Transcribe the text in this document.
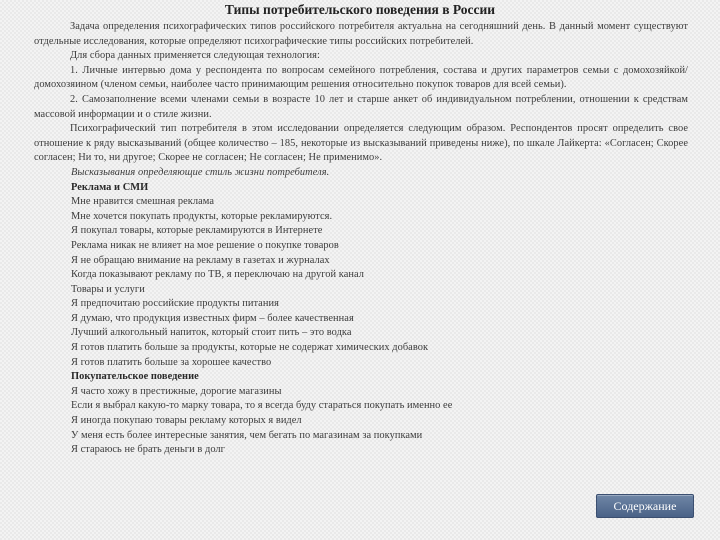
Типы потребительского поведения в России

Задача определения психографических типов российского потребителя актуальна на сегодняшний день. В данный момент существуют отдельные исследования, которые определяют психографические типы российских потребителей.

Для сбора данных применяется следующая технология:

1. Личные интервью дома у респондента по вопросам семейного потребления, состава и других параметров семьи с домохозяйкой/ домохозяином (членом семьи, наиболее часто принимающим решения относительно покупок товаров для всей семьи).

2. Самозаполнение всеми членами семьи в возрасте 10 лет и старше анкет об индивидуальном потреблении, отношении к средствам массовой информации и о стиле жизни.

Психографический тип потребителя в этом исследовании определяется следующим образом. Респондентов просят определить свое отношение к ряду высказываний (общее количество – 185, некоторые из высказываний приведены ниже), по шкале Лайкерта: «Согласен; Скорее согласен; Ни то, ни другое; Скорее не согласен; Не согласен; Не применимо».

Высказывания определяющие стиль жизни потребителя.
Реклама и СМИ
Мне нравится смешная реклама
Мне хочется покупать продукты, которые рекламируются.
Я покупал товары, которые рекламируются в Интернете
Реклама никак не влияет на мое решение о покупке товаров
Я не обращаю внимание на рекламу в газетах и журналах
Когда показывают рекламу по ТВ, я переключаю на другой канал
Товары и услуги
Я предпочитаю российские продукты питания
Я думаю, что продукция известных фирм – более качественная
Лучший алкогольный напиток, который стоит пить – это водка
Я готов платить больше за продукты, которые не содержат химических добавок
Я готов платить больше за хорошее качество
Покупательское поведение
Я часто хожу в престижные, дорогие магазины
Если я выбрал какую-то марку товара, то я всегда буду стараться покупать именно ее
Я иногда покупаю товары рекламу которых я видел
У меня есть более интересные занятия, чем бегать по магазинам за покупками
Я стараюсь не брать деньги в долг
Содержание
